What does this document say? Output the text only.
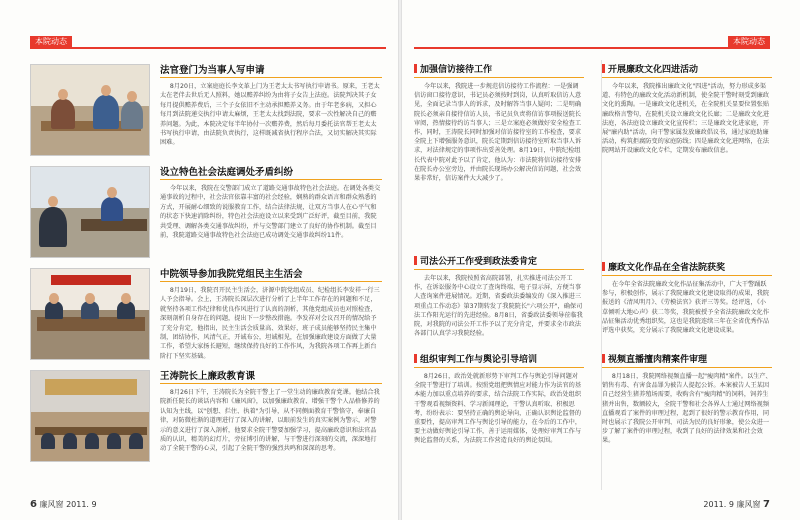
本院动态
法官登门为当事人写申请
8月20日，立案庭庭长李文革上门为王老太太书写执行申请书。原来，王老太太在老伴去世后无人照料，她以赡养纠纷为由将子女告上法庭。法院判决其子女每月提供赡养费后，三个子女依旧不主动承担赡养义务。由于年老多病，又担心每月到法院递交执行申请太麻烦，王老太太找到法院，要求一次性解决自己的赡养问题。为此，本院决定每半年协付一次赡养费，然后每月委托法官帮王老太太书写执行申请，由法院负责执行，这样既减省执行程序合法，又切实解决其实际困难。
设立特色社会法庭调处矛盾纠纷
今年以来，我院在交警部门成立了道路交通事故特色社会法庭。在调处各类交通事故的过程中，社会法官依靠丰富的社会经验，娴熟的群众语言和群众熟悉的方式，开展耐心细致的说服教育工作，结合法律法规，让双方当事人在心平气和的状态下快速消除纠纷，特色社会法庭设立以来受到广泛好评，截至目前，我院共受理、调解各类交通事故纠纷，并与交警部门建立了良好的协作机制。截至目前，我院道路交通事故特色社会法庭已成功调处交通事故纠纷11件。
中院领导参加我院党组民主生活会
8月19日，我院召开民主生活会，济源中院党组成员、纪检组长李发祥一行三人予会指导。会上，王涛院长深层次进行分析了上半年工作存在的问题和不足，就坚持各项工作纪律和优良作风进行了认真的剖析，其他党组成员也对照检查，深刻剖析自身存在的问题，提出下一步整改措施。李发祥对会议召开的情况给予了充分肯定，他指出，民主生活会质量高、效果好，班子成员能够坚持民主集中制，团结协作，风清气正，开诚布公，坦诚相见，在加强廉政建设方面做了大量工作，希望大家扬长避短，继续保持良好的工作作风，为我院各项工作再上新台阶打下坚实基础。
王涛院长上廉政教育课
8月26日下午，王涛院长为全院干警上了一堂生动的廉政教育党课。他结合我院新任院长的谈话内容和《廉风窗》，以加强廉政教育、增强干警个人品格修养的认知为主线，以"创想、拦住、执着"为引导，从不同侧面教育干警恪守，奉廉自律，对防微杜渐的道理进行了深入的讲解，以眼前发生的真实案例为警示，对警示的意义进行了深入剖析，他要求全院干警要加强学习，提高廉政意识和法官品质的认识，精美的幻灯片，旁征博引的讲解，与干警进行深刻的交流，深深地打动了全院干警的心灵，引起了全院干警的强烈共鸣和深深的思考。
6 廉风窗 2011. 9
本院动态
加强信访接待工作
今年以来，我院进一步规范信访接待工作流程：一是强调信访窗口接待意识，书记员必须按时到岗，认真听取信访人意见，全面记录当事人的诉求，及时解答当事人疑问；二是明确院长必须亲自接待信访人员，书记员负责将信访事项报送院长审阅，热情接待约访当事人；三是立案庭必须做好安全检查工作，同时，王涛院长同时加强对信访接待室的工作检查，要求全院上下增强服务意识，院长定期到信访接待室听取当事人诉求，对法律规定的事项作出妥善处理。8月19日，中院纪检组长代表中院对此予以了肯定，他认为：市法院将信访接待安排在院长办公室旁边，并由院长现场办公解决信访问题，社会效果非常好，信访案件大大减少了。
司法公开工作受到政法委肯定
去年以来，我院按照省高院部署，扎实推进司法公开工作，在诉讼服务中心设立了查询终端、电子显示屏，方便当事人查询案件进展情况。近期，省委政法委编发的《深入推进三项重点工作动态》第37期转发了我院院长"六项公开"，确保司法工作阳光运行的先进经验。8月8日，省委政法委领导莅临我院，对我院的司法公开工作予以了充分肯定，并要求全市政法各部门认真学习我院经验。
组织审判工作与舆论引导培训
8月26日，政治处就新形势下审判工作与舆论引导问题对全院干警进行了培训。按照党组把舆情应对能力作为法官的基本能力加以重点培养的要求，结合法院工作实际，政治处组织干警观看视频资料、学习新闻理论，干警认真听取、积极思考，纷纷表示：要坚持正确的舆论导向，正确认识舆论监督的重要性，提高审判工作与舆论引导的能力，在今后的工作中，要主动做好舆论引导工作，善于运用媒体，处理好审判工作与舆论监督的关系，为法院工作营造良好的舆论氛围。
开展廉政文化四进活动
今年以来，我院推出廉政文化"四进"活动，努力形成多渠道、有特色的廉政文化活动新机制，使全院干警时刻受到廉政文化的熏陶。一是廉政文化进机关，在全院机关显要位置张贴廉政格言警句，在院机关设立廉政文化长廊；二是廉政文化进法庭，各法庭设立廉政文化宣传栏；三是廉政文化进家庭，开展"廉内助"活动，向干警家属发放廉政倡议书，通过家庭助廉活动，构筑拒腐防变的家庭防线；四是廉政文化进网络，在法院网站开设廉政文化专栏，定期发布廉政信息。
廉政文化作品在全省法院获奖
在今年全省法院廉政文化作品征集活动中，广大干警踊跃参与，积极创作，展示了我院廉政文化建设取得的成果，我院报送的《清风明月》、《劳模法官》获评三等奖。经评选，《小草倾听大地心声》获二等奖，我院被授予全省法院廉政文化作品征集活动优秀组织奖，这也是我院连续三年在全省优秀作品评选中获奖，充分展示了我院廉政文化建设成果。
视频直播擅肉精案件审理
8月18日，我院网络视频直播一起"瘦肉精"案件。以生产、销售有毒、有害食品罪为被告人提起公诉。本案被告人王某因自己经营生猪养殖场需要，收购含有"瘦肉精"的饲料，饲养生猪并出售，数额较大，全院干警和社会各界人士通过网络视频直播观看了案件的审理过程，起到了很好的警示教育作用，同时也展示了我院公开审判、司法为民的良好形象，使公众进一步了解了案件的审理过程，收到了良好的法律效果和社会效果。
2011. 9 廉风窗 7
